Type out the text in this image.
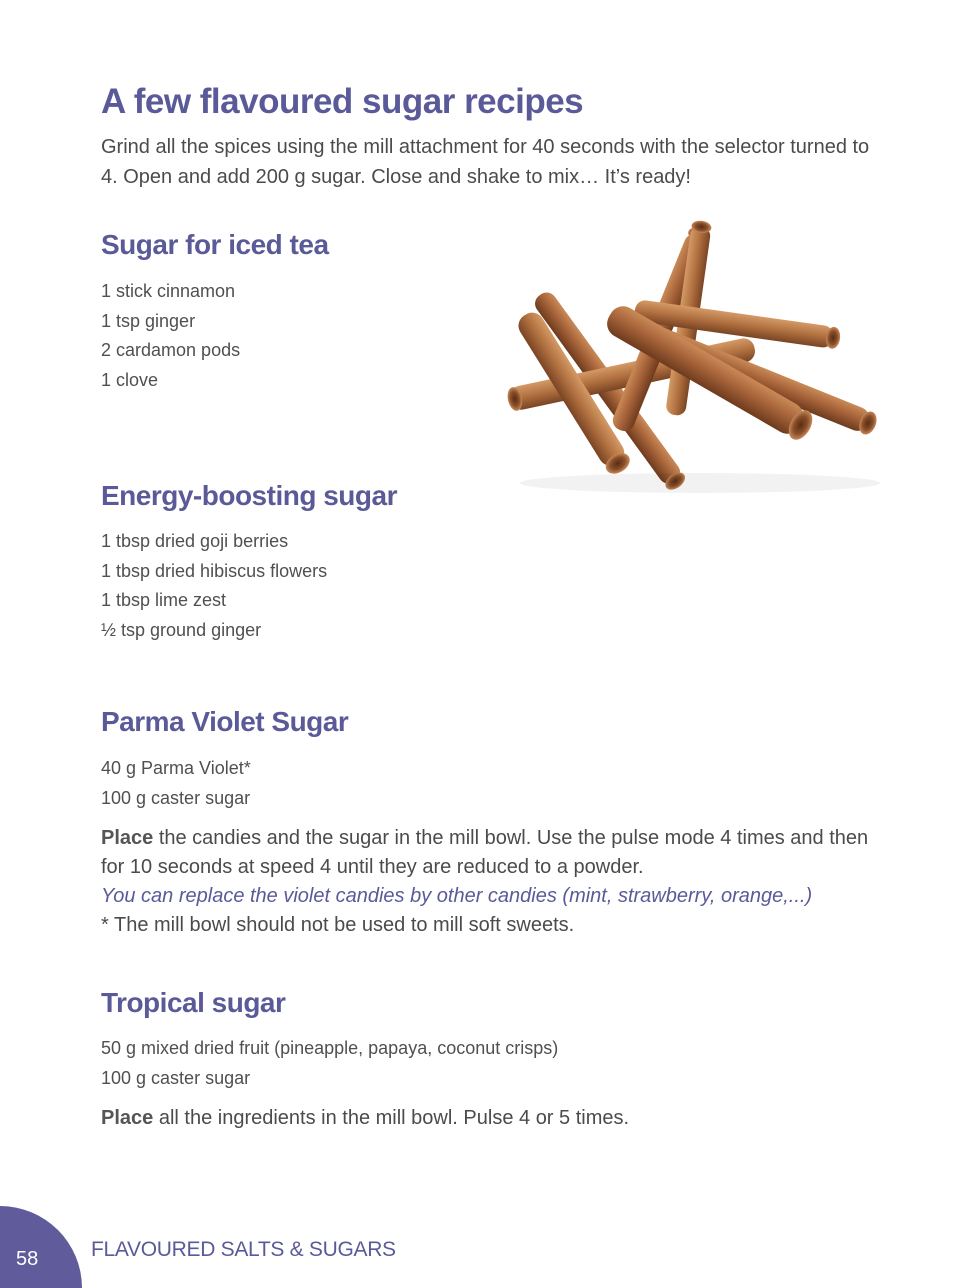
A few flavoured sugar recipes

Grind all the spices using the mill attachment for 40 seconds with the selector turned to 4. Open and add 200 g sugar. Close and shake to mix… It’s ready!

Sugar for iced tea
1 stick cinnamon
1 tsp ginger
2 cardamon pods
1 clove
Energy-boosting sugar
1 tbsp dried goji berries
1 tbsp dried hibiscus flowers
1 tbsp lime zest
½ tsp ground ginger
Parma Violet Sugar
40 g Parma Violet*
100 g caster sugar
Place the candies and the sugar in the mill bowl. Use the pulse mode 4 times and then for 10 seconds at speed 4 until they are reduced to a powder.
You can replace the violet candies by other candies (mint, strawberry, orange,...)
* The mill bowl should not be used to mill soft sweets.
Tropical sugar
50 g mixed dried fruit (pineapple, papaya, coconut crisps)
100 g caster sugar
Place all the ingredients in the mill bowl. Pulse 4 or 5 times.
58	FLAVOURED SALTS & SUGARS
